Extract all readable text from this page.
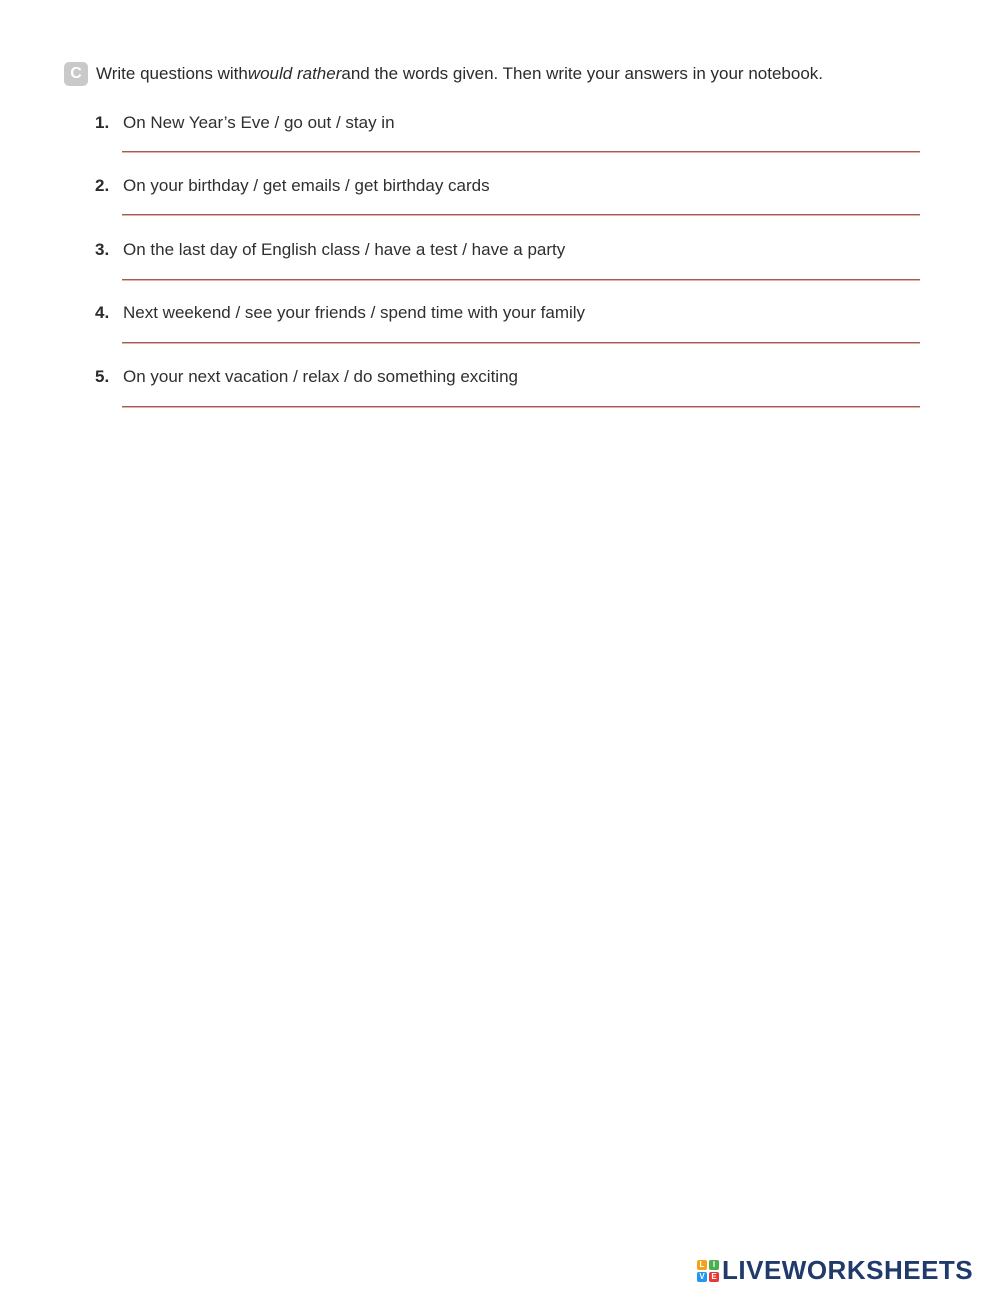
C Write questions with would rather and the words given. Then write your answers in your notebook.
1. On New Year’s Eve / go out / stay in
2. On your birthday / get emails / get birthday cards
3. On the last day of English class / have a test / have a party
4. Next weekend / see your friends / spend time with your family
5. On your next vacation / relax / do something exciting
L	I
V E LIVEWORKSHEETS
